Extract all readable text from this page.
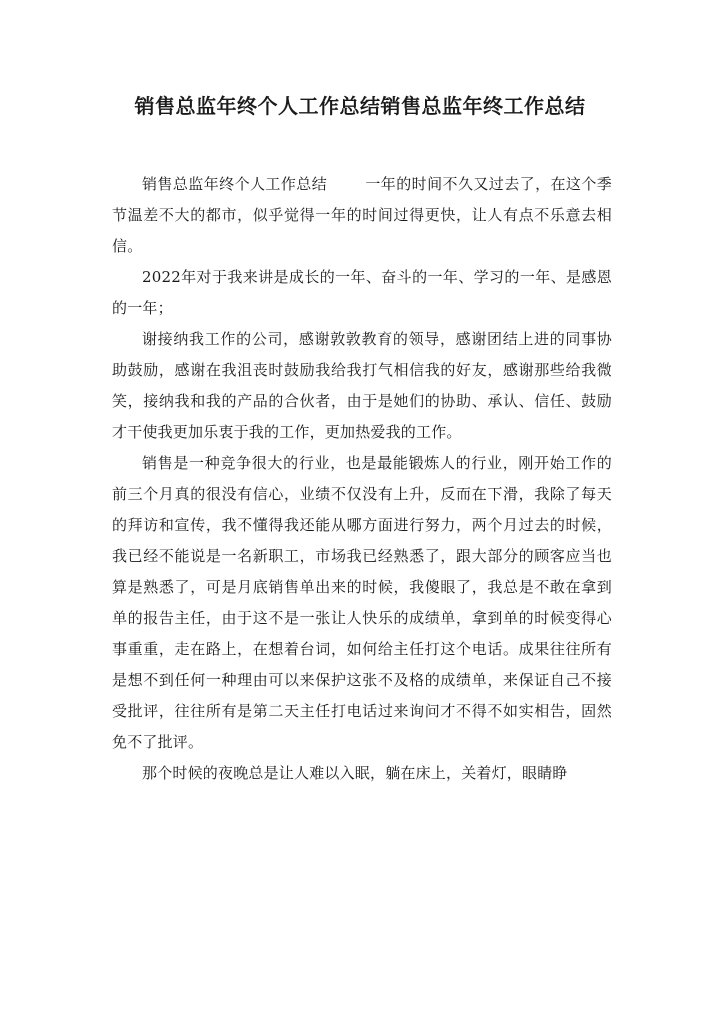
销售总监年终个人工作总结销售总监年终工作总结

销售总监年终个人工作总结	一年的时间不久又过去了，在这个季节温差不大的都市，似乎觉得一年的时间过得更快，让人有点不乐意去相信。

2022年对于我来讲是成长的一年、奋斗的一年、学习的一年、是感恩的一年；

谢接纳我工作的公司，感谢敦敦教育的领导，感谢团结上进的同事协助鼓励，感谢在我沮丧时鼓励我给我打气相信我的好友，感谢那些给我微笑，接纳我和我的产品的合伙者，由于是她们的协助、承认、信任、鼓励才干使我更加乐衷于我的工作，更加热爱我的工作。

销售是一种竞争很大的行业，也是最能锻炼人的行业，刚开始工作的前三个月真的很没有信心，业绩不仅没有上升，反而在下滑，我除了每天的拜访和宣传，我不懂得我还能从哪方面进行努力，两个月过去的时候，我已经不能说是一名新职工，市场我已经熟悉了，跟大部分的顾客应当也算是熟悉了，可是月底销售单出来的时候，我傻眼了，我总是不敢在拿到单的报告主任，由于这不是一张让人快乐的成绩单，拿到单的时候变得心事重重，走在路上，在想着台词，如何给主任打这个电话。成果往往所有是想不到任何一种理由可以来保护这张不及格的成绩单，来保证自己不接受批评，往往所有是第二天主任打电话过来询问才不得不如实相告，固然免不了批评。

那个时候的夜晚总是让人难以入眠，躺在床上，关着灯，眼睛睁
